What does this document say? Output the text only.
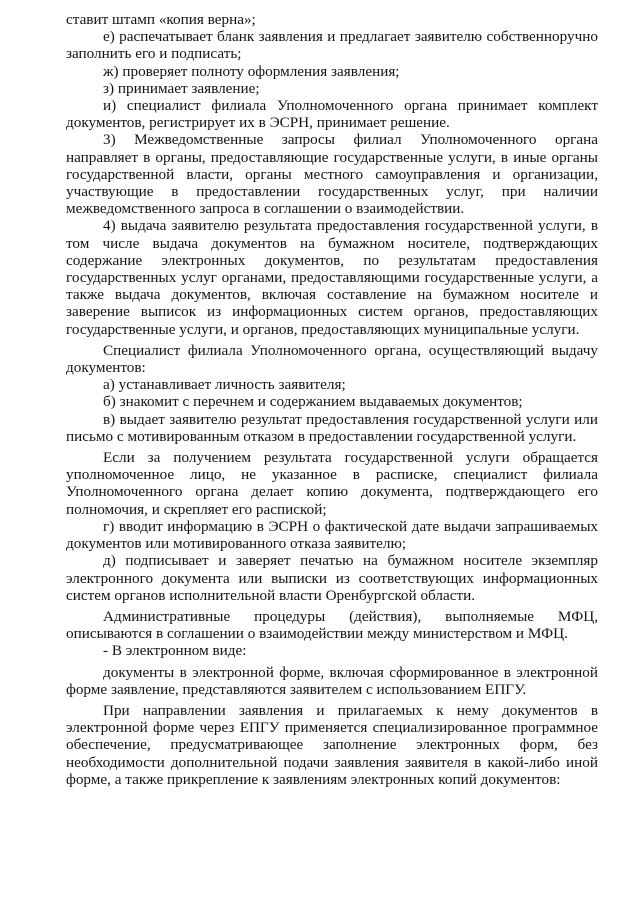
ставит штамп «копия верна»;

е) распечатывает бланк заявления и предлагает заявителю собственноручно заполнить его и подписать;

ж) проверяет полноту оформления заявления;

з) принимает заявление;

и) специалист филиала Уполномоченного органа принимает комплект документов, регистрирует их в ЭСРН, принимает решение.

3) Межведомственные запросы филиал Уполномоченного органа направляет в органы, предоставляющие государственные услуги, в иные органы государственной власти, органы местного самоуправления и организации, участвующие в предоставлении государственных услуг, при наличии межведомственного запроса в соглашении о взаимодействии.

4) выдача заявителю результата предоставления государственной услуги, в том числе выдача документов на бумажном носителе, подтверждающих содержание электронных документов, по результатам предоставления государственных услуг органами, предоставляющими государственные услуги, а также выдача документов, включая составление на бумажном носителе и заверение выписок из информационных систем органов, предоставляющих государственные услуги, и органов, предоставляющих муниципальные услуги.

Специалист филиала Уполномоченного органа, осуществляющий выдачу документов:

а) устанавливает личность заявителя;

б) знакомит с перечнем и содержанием выдаваемых документов;

в) выдает заявителю результат предоставления государственной услуги или письмо с мотивированным отказом в предоставлении государственной услуги.

Если за получением результата государственной услуги обращается уполномоченное лицо, не указанное в расписке, специалист филиала Уполномоченного органа делает копию документа, подтверждающего его полномочия, и скрепляет его распиской;

г) вводит информацию в ЭСРН о фактической дате выдачи запрашиваемых документов или мотивированного отказа заявителю;

д) подписывает и заверяет печатью на бумажном носителе экземпляр электронного документа или выписки из соответствующих информационных систем органов исполнительной власти Оренбургской области.

Административные процедуры (действия), выполняемые МФЦ, описываются в соглашении о взаимодействии между министерством и МФЦ.

- В электронном виде:

документы в электронной форме, включая сформированное в электронной форме заявление, представляются заявителем с использованием ЕПГУ.

При направлении заявления и прилагаемых к нему документов в электронной форме через ЕПГУ применяется специализированное программное обеспечение, предусматривающее заполнение электронных форм, без необходимости дополнительной подачи заявления заявителя в какой-либо иной форме, а также прикрепление к заявлениям электронных копий документов:
